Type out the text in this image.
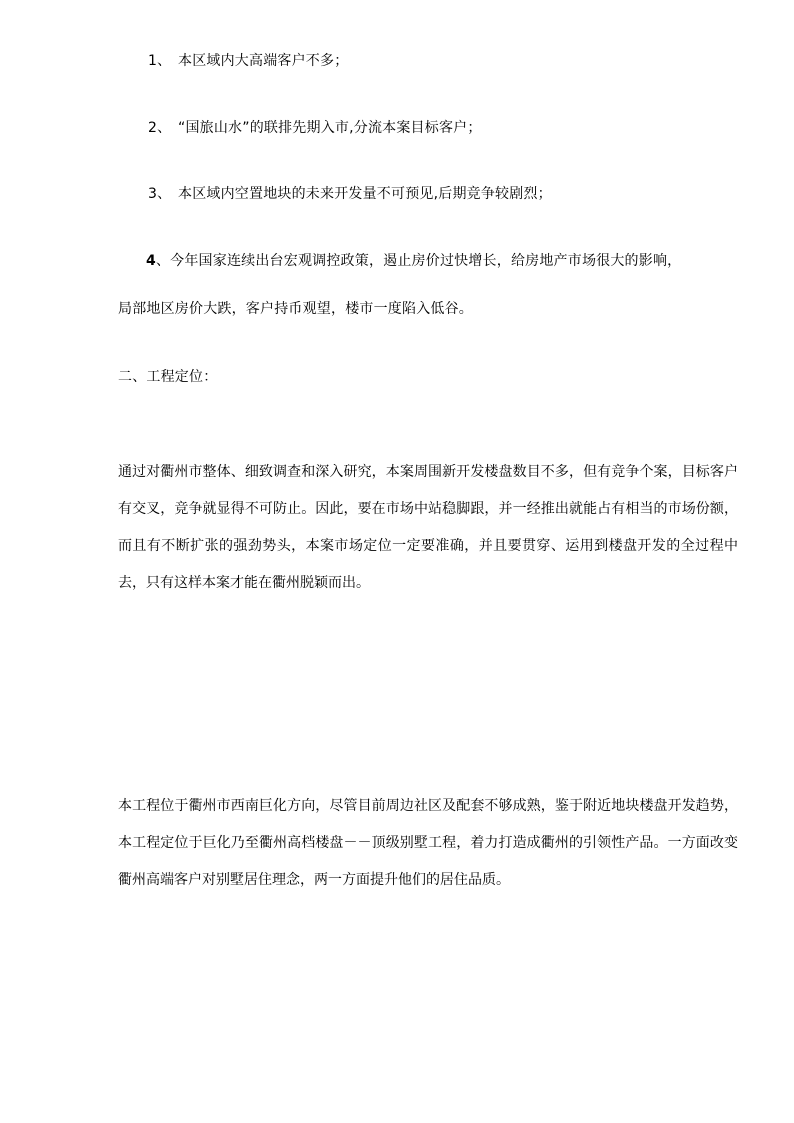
1、 本区域内大高端客户不多；
2、 “国旅山水”的联排先期入市,分流本案目标客户；
3、 本区域内空置地块的未来开发量不可预见,后期竞争较剧烈；
4、今年国家连续出台宏观调控政策，遏止房价过快增长，给房地产市场很大的影响，
局部地区房价大跌，客户持币观望，楼市一度陷入低谷。
二、工程定位：
通过对衢州市整体、细致调查和深入研究，本案周围新开发楼盘数目不多，但有竞争个案，目标客户有交叉，竞争就显得不可防止。因此，要在市场中站稳脚跟，并一经推出就能占有相当的市场份额，而且有不断扩张的强劲势头，本案市场定位一定要准确，并且要贯穿、运用到楼盘开发的全过程中去，只有这样本案才能在衢州脱颖而出。
本工程位于衢州市西南巨化方向，尽管目前周边社区及配套不够成熟，鉴于附近地块楼盘开发趋势，本工程定位于巨化乃至衢州高档楼盘－－顶级别墅工程，着力打造成衢州的引领性产品。一方面改变衢州高端客户对别墅居住理念，两一方面提升他们的居住品质。
